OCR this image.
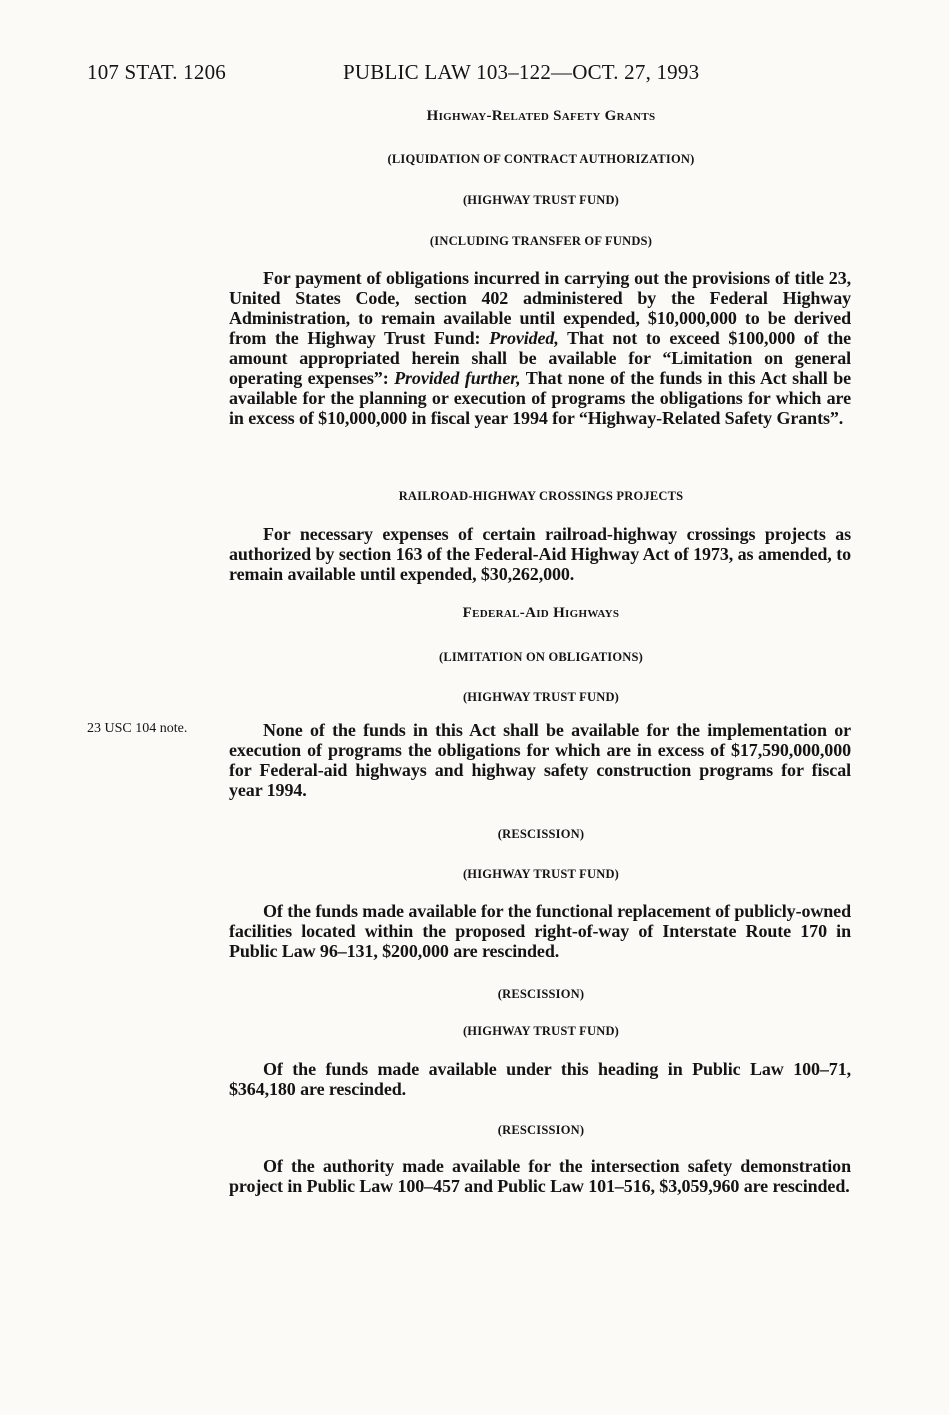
107 STAT. 1206	PUBLIC LAW 103–122—OCT. 27, 1993
Highway-Related Safety Grants
(LIQUIDATION OF CONTRACT AUTHORIZATION)
(HIGHWAY TRUST FUND)
(INCLUDING TRANSFER OF FUNDS)

For payment of obligations incurred in carrying out the provisions of title 23, United States Code, section 402 administered by the Federal Highway Administration, to remain available until expended, $10,000,000 to be derived from the Highway Trust Fund: Provided, That not to exceed $100,000 of the amount appropriated herein shall be available for “Limitation on general operating expenses”: Provided further, That none of the funds in this Act shall be available for the planning or execution of programs the obligations for which are in excess of $10,000,000 in fiscal year 1994 for “Highway-Related Safety Grants”.

RAILROAD-HIGHWAY CROSSINGS PROJECTS

For necessary expenses of certain railroad-highway crossings projects as authorized by section 163 of the Federal-Aid Highway Act of 1973, as amended, to remain available until expended, $30,262,000.

Federal-Aid Highways
(LIMITATION ON OBLIGATIONS)
(HIGHWAY TRUST FUND)
23 USC 104 note.	None of the funds in this Act shall be available for the implementation or execution of programs the obligations for which are in excess of $17,590,000,000 for Federal-aid highways and highway safety construction programs for fiscal year 1994.

(RESCISSION)
(HIGHWAY TRUST FUND)

Of the funds made available for the functional replacement of publicly-owned facilities located within the proposed right-of-way of Interstate Route 170 in Public Law 96–131, $200,000 are rescinded.

(RESCISSION)
(HIGHWAY TRUST FUND)

Of the funds made available under this heading in Public Law 100–71, $364,180 are rescinded.

(RESCISSION)

Of the authority made available for the intersection safety demonstration project in Public Law 100–457 and Public Law 101–516, $3,059,960 are rescinded.
